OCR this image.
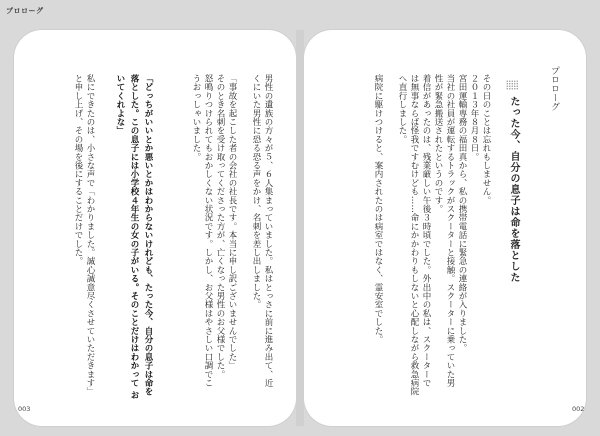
プロローグ
プロローグ
たった今、自分の息子は命を落とした
その日のことは忘れもしません。
２０１３年８月８日。
宮田運輸専務の福田真から、私の携帯電話に緊急の連絡が入りました。
当社の社員が運転するトラックがスクーターと接触。スクーターに乗っていた男
性が緊急搬送されたというのです。
着信があったのは、残業厳しい午後３時頃でした。外出中の私は、スクーターで
は無事ならば怪我ですむけども……命にかかわりもしないと心配しながら救急病院
へ直行しました。
病院に駆けつけると、案内されたのは病室ではなく、霊安室でした。
002
男性の遺族の方々が５、６人集まっていました。私はとっさに前に進み出て、近
くにいた男性に恐る恐る声をかけ、名刺を差し出しました。
「事故を起こした者の会社の社長です。本当に申し訳ございませんでした」
そのとき名刺を受け取ってくださった方が、亡くなった男性のお父様でした。
怒鳴りつけられてもおかしくない状況です。しかし、お父様はやさしい口調でこ
うおっしゃいました。
「どっちがいいとか悪いとかはわからないけれども、たった今、自分の息子は命を
落とした。この息子には小学校４年生の女の子がいる。そのことだけはわかって お
いてくれよな」
私にできたのは、小さな声で「わかりました。誠心誠意尽くさせていただきます」
と申し上げ、その場を後にすることだけでした。
003
